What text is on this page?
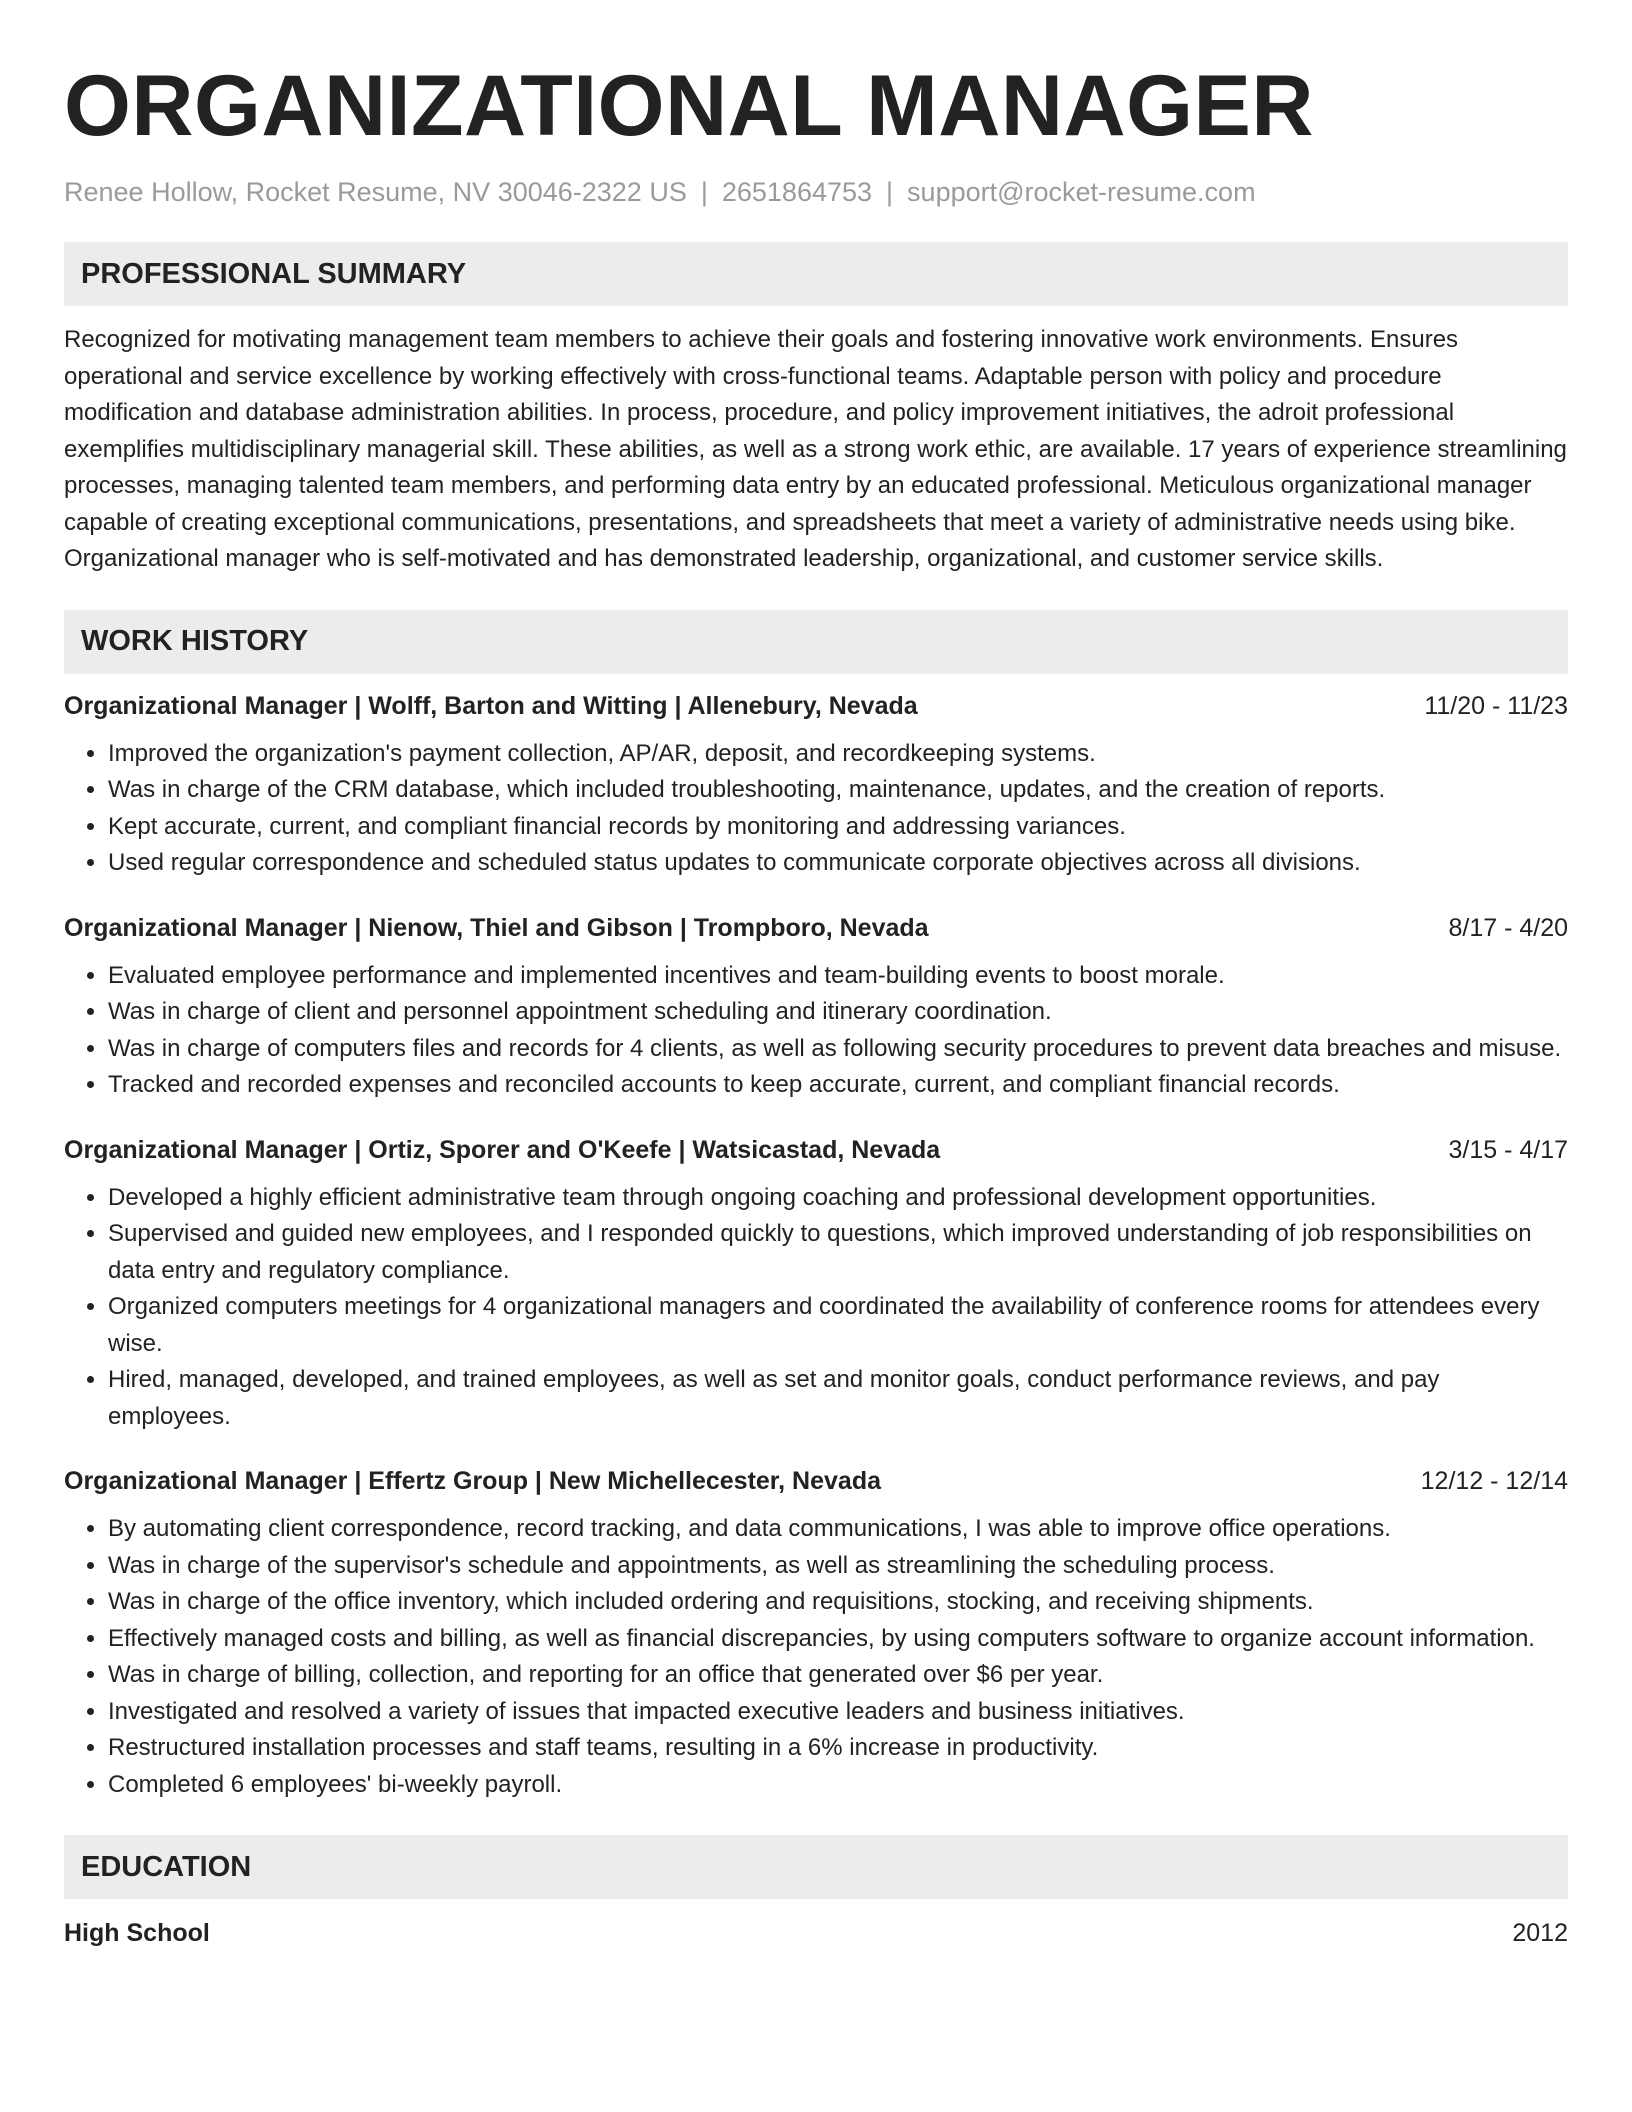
ORGANIZATIONAL MANAGER
Renee Hollow, Rocket Resume, NV 30046-2322 US | 2651864753 | support@rocket-resume.com
PROFESSIONAL SUMMARY
Recognized for motivating management team members to achieve their goals and fostering innovative work environments. Ensures operational and service excellence by working effectively with cross-functional teams. Adaptable person with policy and procedure modification and database administration abilities. In process, procedure, and policy improvement initiatives, the adroit professional exemplifies multidisciplinary managerial skill. These abilities, as well as a strong work ethic, are available. 17 years of experience streamlining processes, managing talented team members, and performing data entry by an educated professional. Meticulous organizational manager capable of creating exceptional communications, presentations, and spreadsheets that meet a variety of administrative needs using bike. Organizational manager who is self-motivated and has demonstrated leadership, organizational, and customer service skills.
WORK HISTORY
Organizational Manager | Wolff, Barton and Witting | Allenebury, Nevada	11/20 - 11/23
• Improved the organization's payment collection, AP/AR, deposit, and recordkeeping systems.
• Was in charge of the CRM database, which included troubleshooting, maintenance, updates, and the creation of reports.
• Kept accurate, current, and compliant financial records by monitoring and addressing variances.
• Used regular correspondence and scheduled status updates to communicate corporate objectives across all divisions.
Organizational Manager | Nienow, Thiel and Gibson | Trompboro, Nevada	8/17 - 4/20
• Evaluated employee performance and implemented incentives and team-building events to boost morale.
• Was in charge of client and personnel appointment scheduling and itinerary coordination.
• Was in charge of computers files and records for 4 clients, as well as following security procedures to prevent data breaches and misuse.
• Tracked and recorded expenses and reconciled accounts to keep accurate, current, and compliant financial records.
Organizational Manager | Ortiz, Sporer and O'Keefe | Watsicastad, Nevada	3/15 - 4/17
• Developed a highly efficient administrative team through ongoing coaching and professional development opportunities.
• Supervised and guided new employees, and I responded quickly to questions, which improved understanding of job responsibilities on data entry and regulatory compliance.
• Organized computers meetings for 4 organizational managers and coordinated the availability of conference rooms for attendees every wise.
• Hired, managed, developed, and trained employees, as well as set and monitor goals, conduct performance reviews, and pay employees.
Organizational Manager | Effertz Group | New Michellecester, Nevada	12/12 - 12/14
• By automating client correspondence, record tracking, and data communications, I was able to improve office operations.
• Was in charge of the supervisor's schedule and appointments, as well as streamlining the scheduling process.
• Was in charge of the office inventory, which included ordering and requisitions, stocking, and receiving shipments.
• Effectively managed costs and billing, as well as financial discrepancies, by using computers software to organize account information.
• Was in charge of billing, collection, and reporting for an office that generated over $6 per year.
• Investigated and resolved a variety of issues that impacted executive leaders and business initiatives.
• Restructured installation processes and staff teams, resulting in a 6% increase in productivity.
• Completed 6 employees' bi-weekly payroll.
EDUCATION
High School	2012
